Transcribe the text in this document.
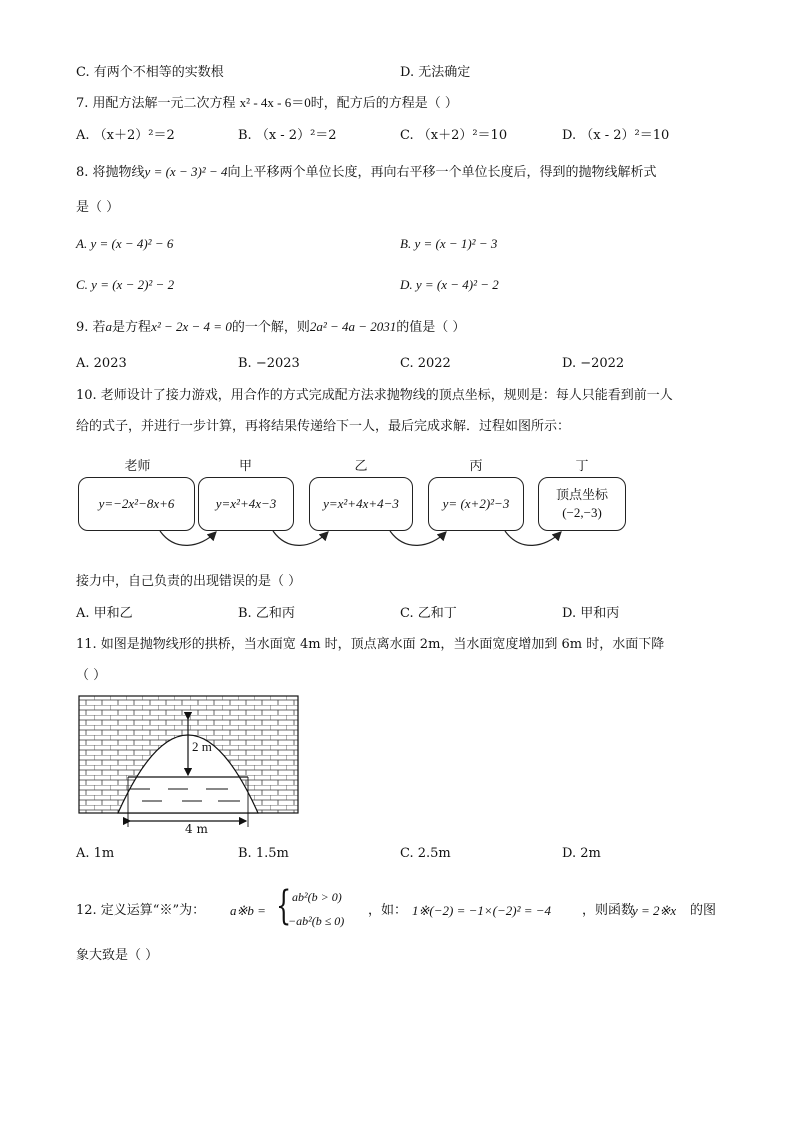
C. 有两个不相等的实数根	D. 无法确定
7. 用配方法解一元二次方程 x² - 4x - 6＝0时，配方后的方程是（ ）
A. （x＋2）²＝2	B. （x - 2）²＝2	C. （x＋2）²＝10	D. （x - 2）²＝10
8. 将抛物线y = (x − 3)² − 4向上平移两个单位长度，再向右平移一个单位长度后，得到的抛物线解析式
是（ ）
A. y = (x − 4)² − 6	B. y = (x − 1)² − 3
C. y = (x − 2)² − 2	D. y = (x − 4)² − 2
9. 若a是方程x² − 2x − 4 = 0的一个解，则2a² − 4a − 2031的值是（ ）
A. 2023	B. −2023	C. 2022	D. −2022
10. 老师设计了接力游戏，用合作的方式完成配方法求抛物线的顶点坐标，规则是：每人只能看到前一人
给的式子，并进行一步计算，再将结果传递给下一人，最后完成求解．过程如图所示：
老师	甲	乙	丙	丁
y=−2x²−8x+6	y=x²+4x−3	y=x²+4x+4−3	y= (x+2)²−3
顶点坐标
(−2,−3)
接力中，自己负责的出现错误的是（ ）
A. 甲和乙	B. 乙和丙	C. 乙和丁	D. 甲和丙
11. 如图是抛物线形的拱桥，当水面宽 4m 时，顶点离水面 2m，当水面宽度增加到 6m 时，水面下降
（ ）
2 m
4 m
A. 1m	B. 1.5m	C. 2.5m	D. 2m
12. 定义运算“※”为： a※b = { ab²(b > 0)
−ab²(b ≤ 0)
，如： 1※(−2) = −1×(−2)² = −4 ，则函数
y = 2※x 的图
象大致是（ ）
